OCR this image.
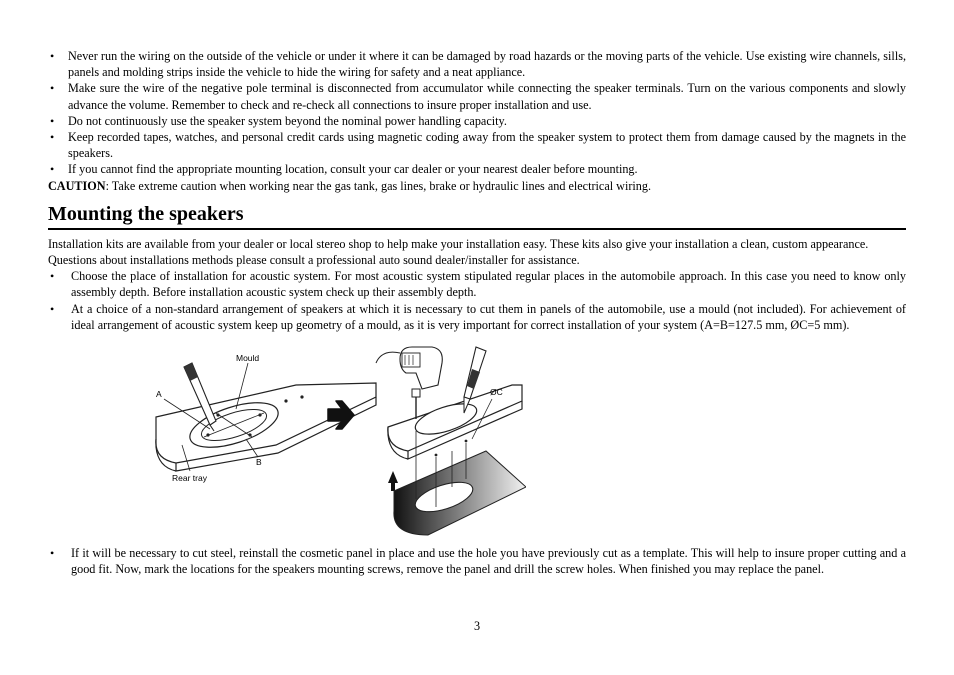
• Never run the wiring on the outside of the vehicle or under it where it can be damaged by road hazards or the moving parts of the vehicle. Use existing wire channels, sills, panels and molding strips inside the vehicle to hide the wiring for safety and a neat appliance.
• Make sure the wire of the negative pole terminal is disconnected from accumulator while connecting the speaker terminals. Turn on the various components and slowly advance the volume. Remember to check and re-check all connections to insure proper installation and use.
• Do not continuously use the speaker system beyond the nominal power handling capacity.
• Keep recorded tapes, watches, and personal credit cards using magnetic coding away from the speaker system to protect them from damage caused by the magnets in the speakers.
• If you cannot find the appropriate mounting location, consult your car dealer or your nearest dealer before mounting.

CAUTION: Take extreme caution when working near the gas tank, gas lines, brake or hydraulic lines and electrical wiring.

Mounting the speakers

Installation kits are available from your dealer or local stereo shop to help make your installation easy. These kits also give your installation a clean, custom appearance. Questions about installations methods please consult a professional auto sound dealer/installer for assistance.

• Choose the place of installation for acoustic system. For most acoustic system stipulated regular places in the automobile approach. In this case you need to know only assembly depth. Before installation acoustic system check up their assembly depth.
• At a choice of a non-standard arrangement of speakers at which it is necessary to cut them in panels of the automobile, use a mould (not included). For achievement of ideal arrangement of acoustic system keep up geometry of a mould, as it is very important for correct installation of your system (A=B=127.5 mm, ØC=5 mm).
Mould
A
B
Rear tray
ØC
• If it will be necessary to cut steel, reinstall the cosmetic panel in place and use the hole you have previously cut as a template. This will help to insure proper cutting and a good fit. Now, mark the locations for the speakers mounting screws, remove the panel and drill the screw holes. When finished you may replace the panel.
3
